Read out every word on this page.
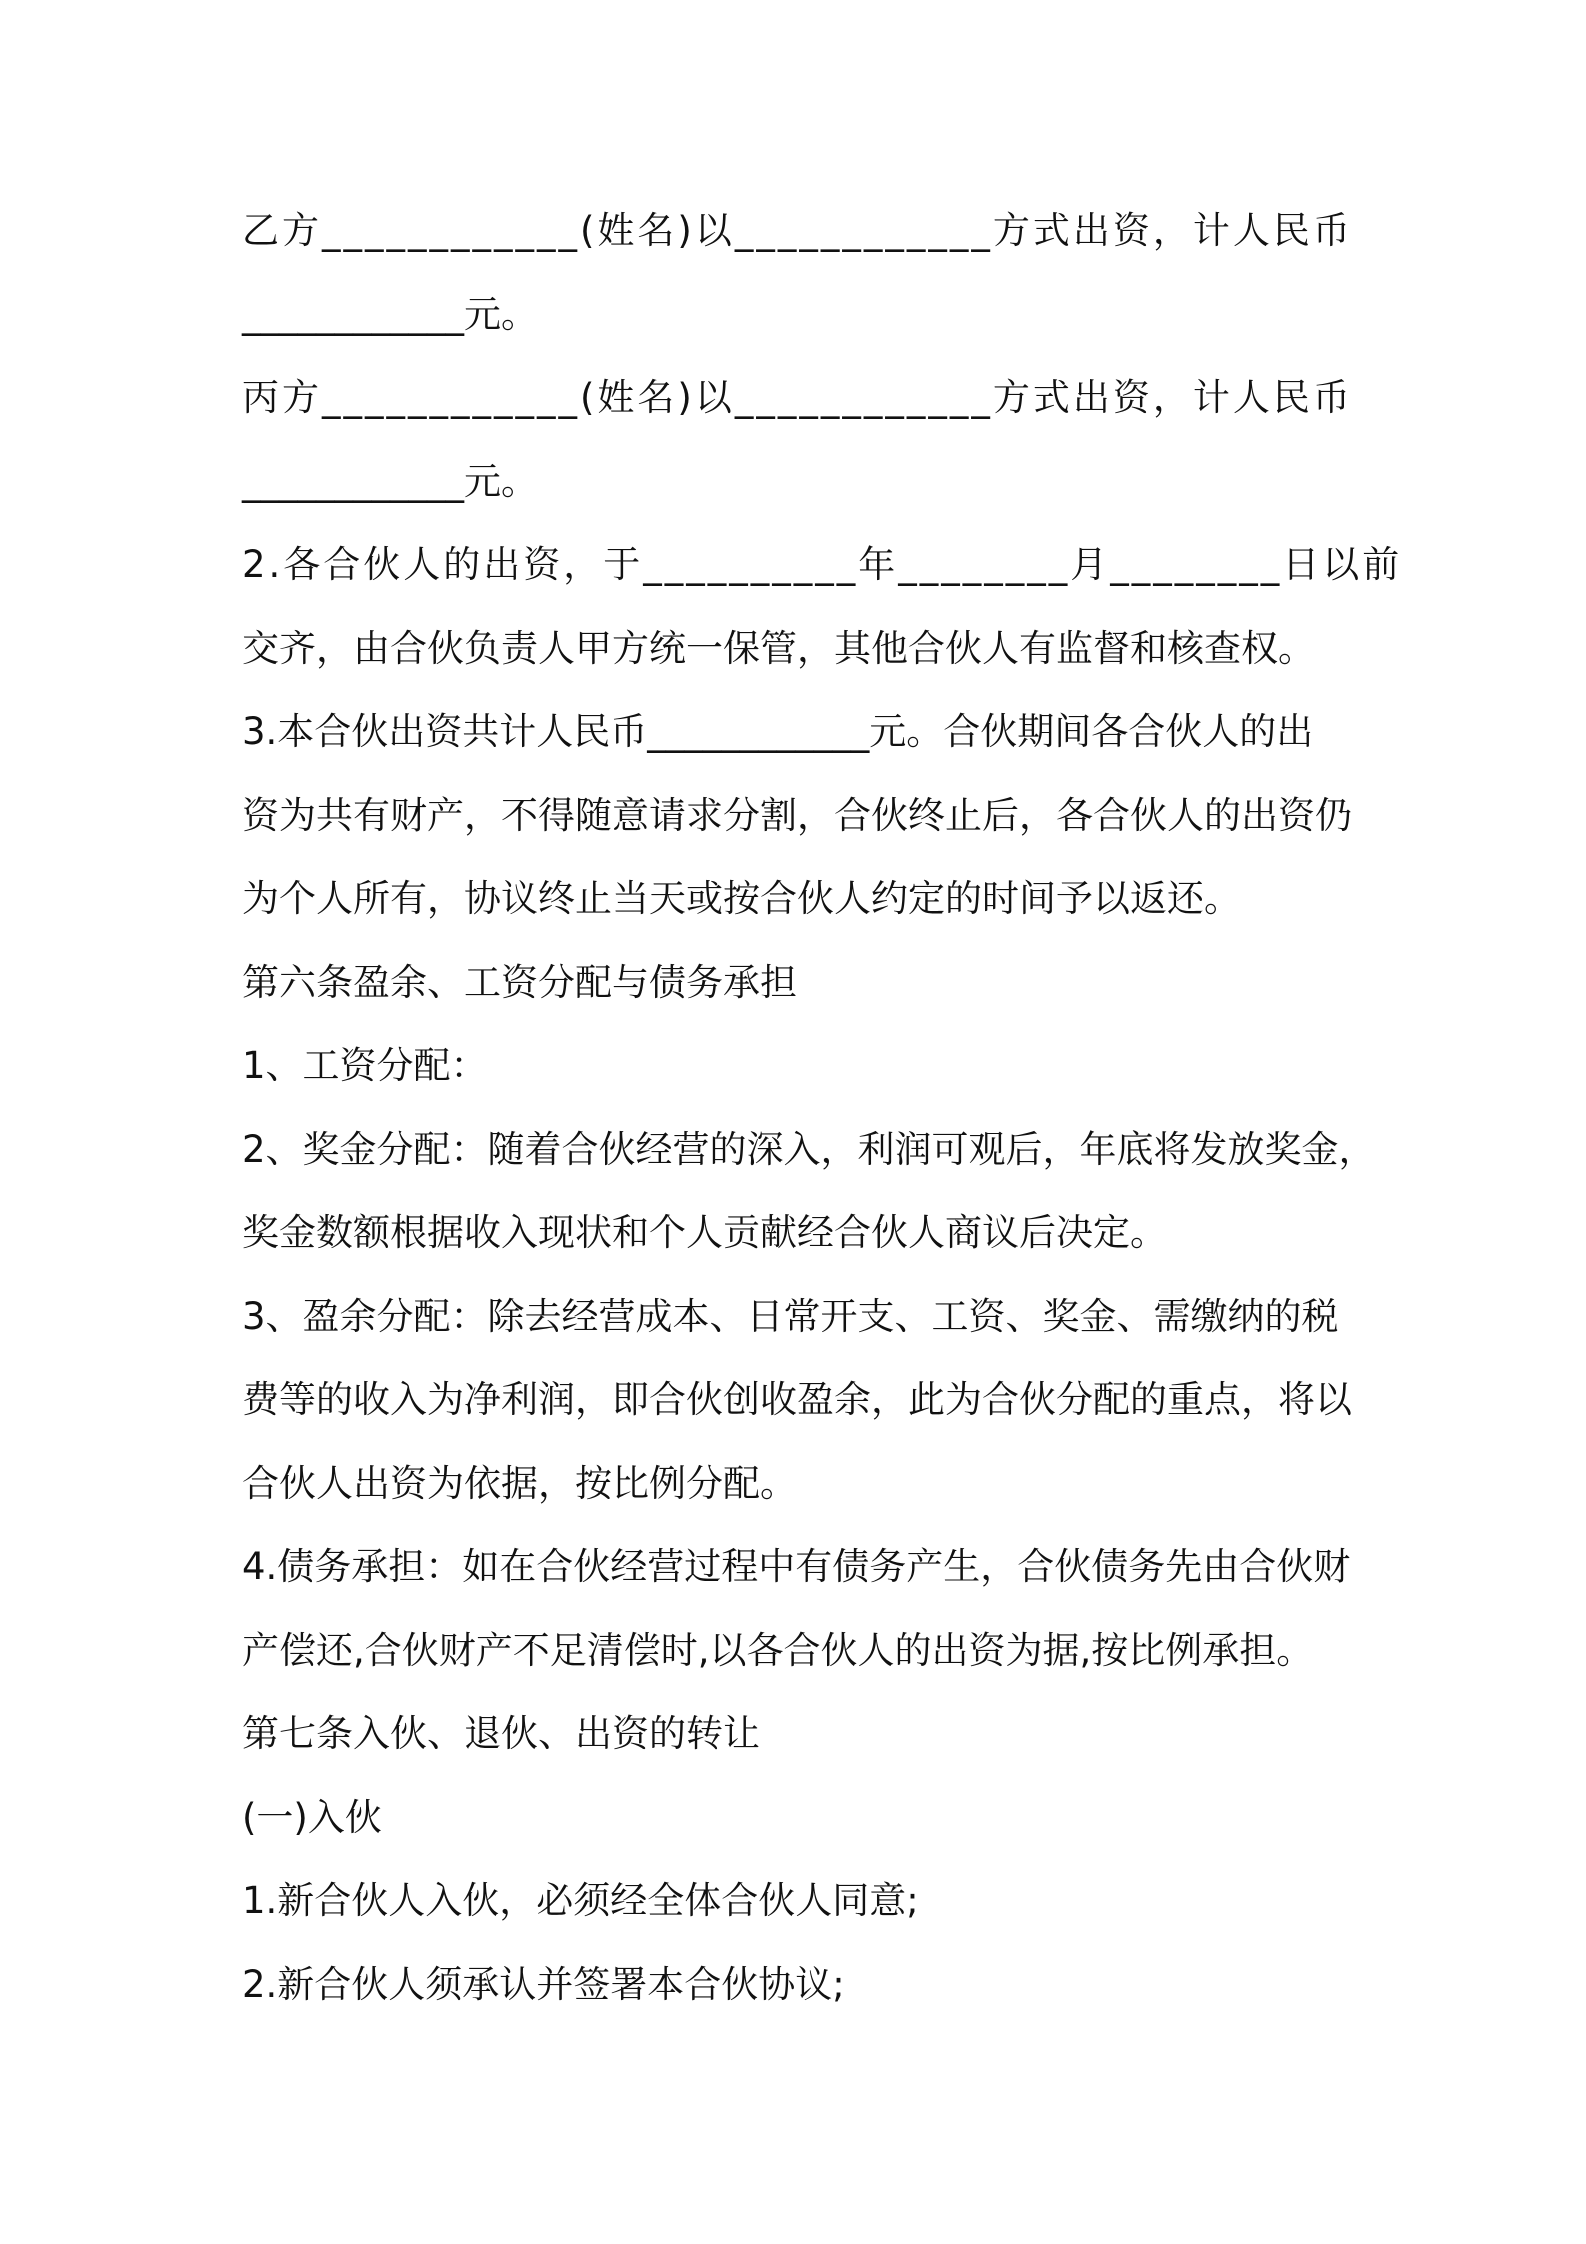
乙方____________(姓名)以____________方式出资，计人民币

____________元。

丙方____________(姓名)以____________方式出资，计人民币

____________元。

2.各合伙人的出资，于__________年________月________日以前

交齐，由合伙负责人甲方统一保管，其他合伙人有监督和核查权。

3.本合伙出资共计人民币____________元。合伙期间各合伙人的出

资为共有财产，不得随意请求分割，合伙终止后，各合伙人的出资仍

为个人所有，协议终止当天或按合伙人约定的时间予以返还。

第六条盈余、工资分配与债务承担

1、工资分配：

2、奖金分配：随着合伙经营的深入，利润可观后，年底将发放奖金，

奖金数额根据收入现状和个人贡献经合伙人商议后决定。

3、盈余分配：除去经营成本、日常开支、工资、奖金、需缴纳的税

费等的收入为净利润，即合伙创收盈余，此为合伙分配的重点，将以

合伙人出资为依据，按比例分配。

4.债务承担：如在合伙经营过程中有债务产生，合伙债务先由合伙财

产偿还,合伙财产不足清偿时,以各合伙人的出资为据,按比例承担。

第七条入伙、退伙、出资的转让

(一)入伙

1.新合伙人入伙，必须经全体合伙人同意;

2.新合伙人须承认并签署本合伙协议;
